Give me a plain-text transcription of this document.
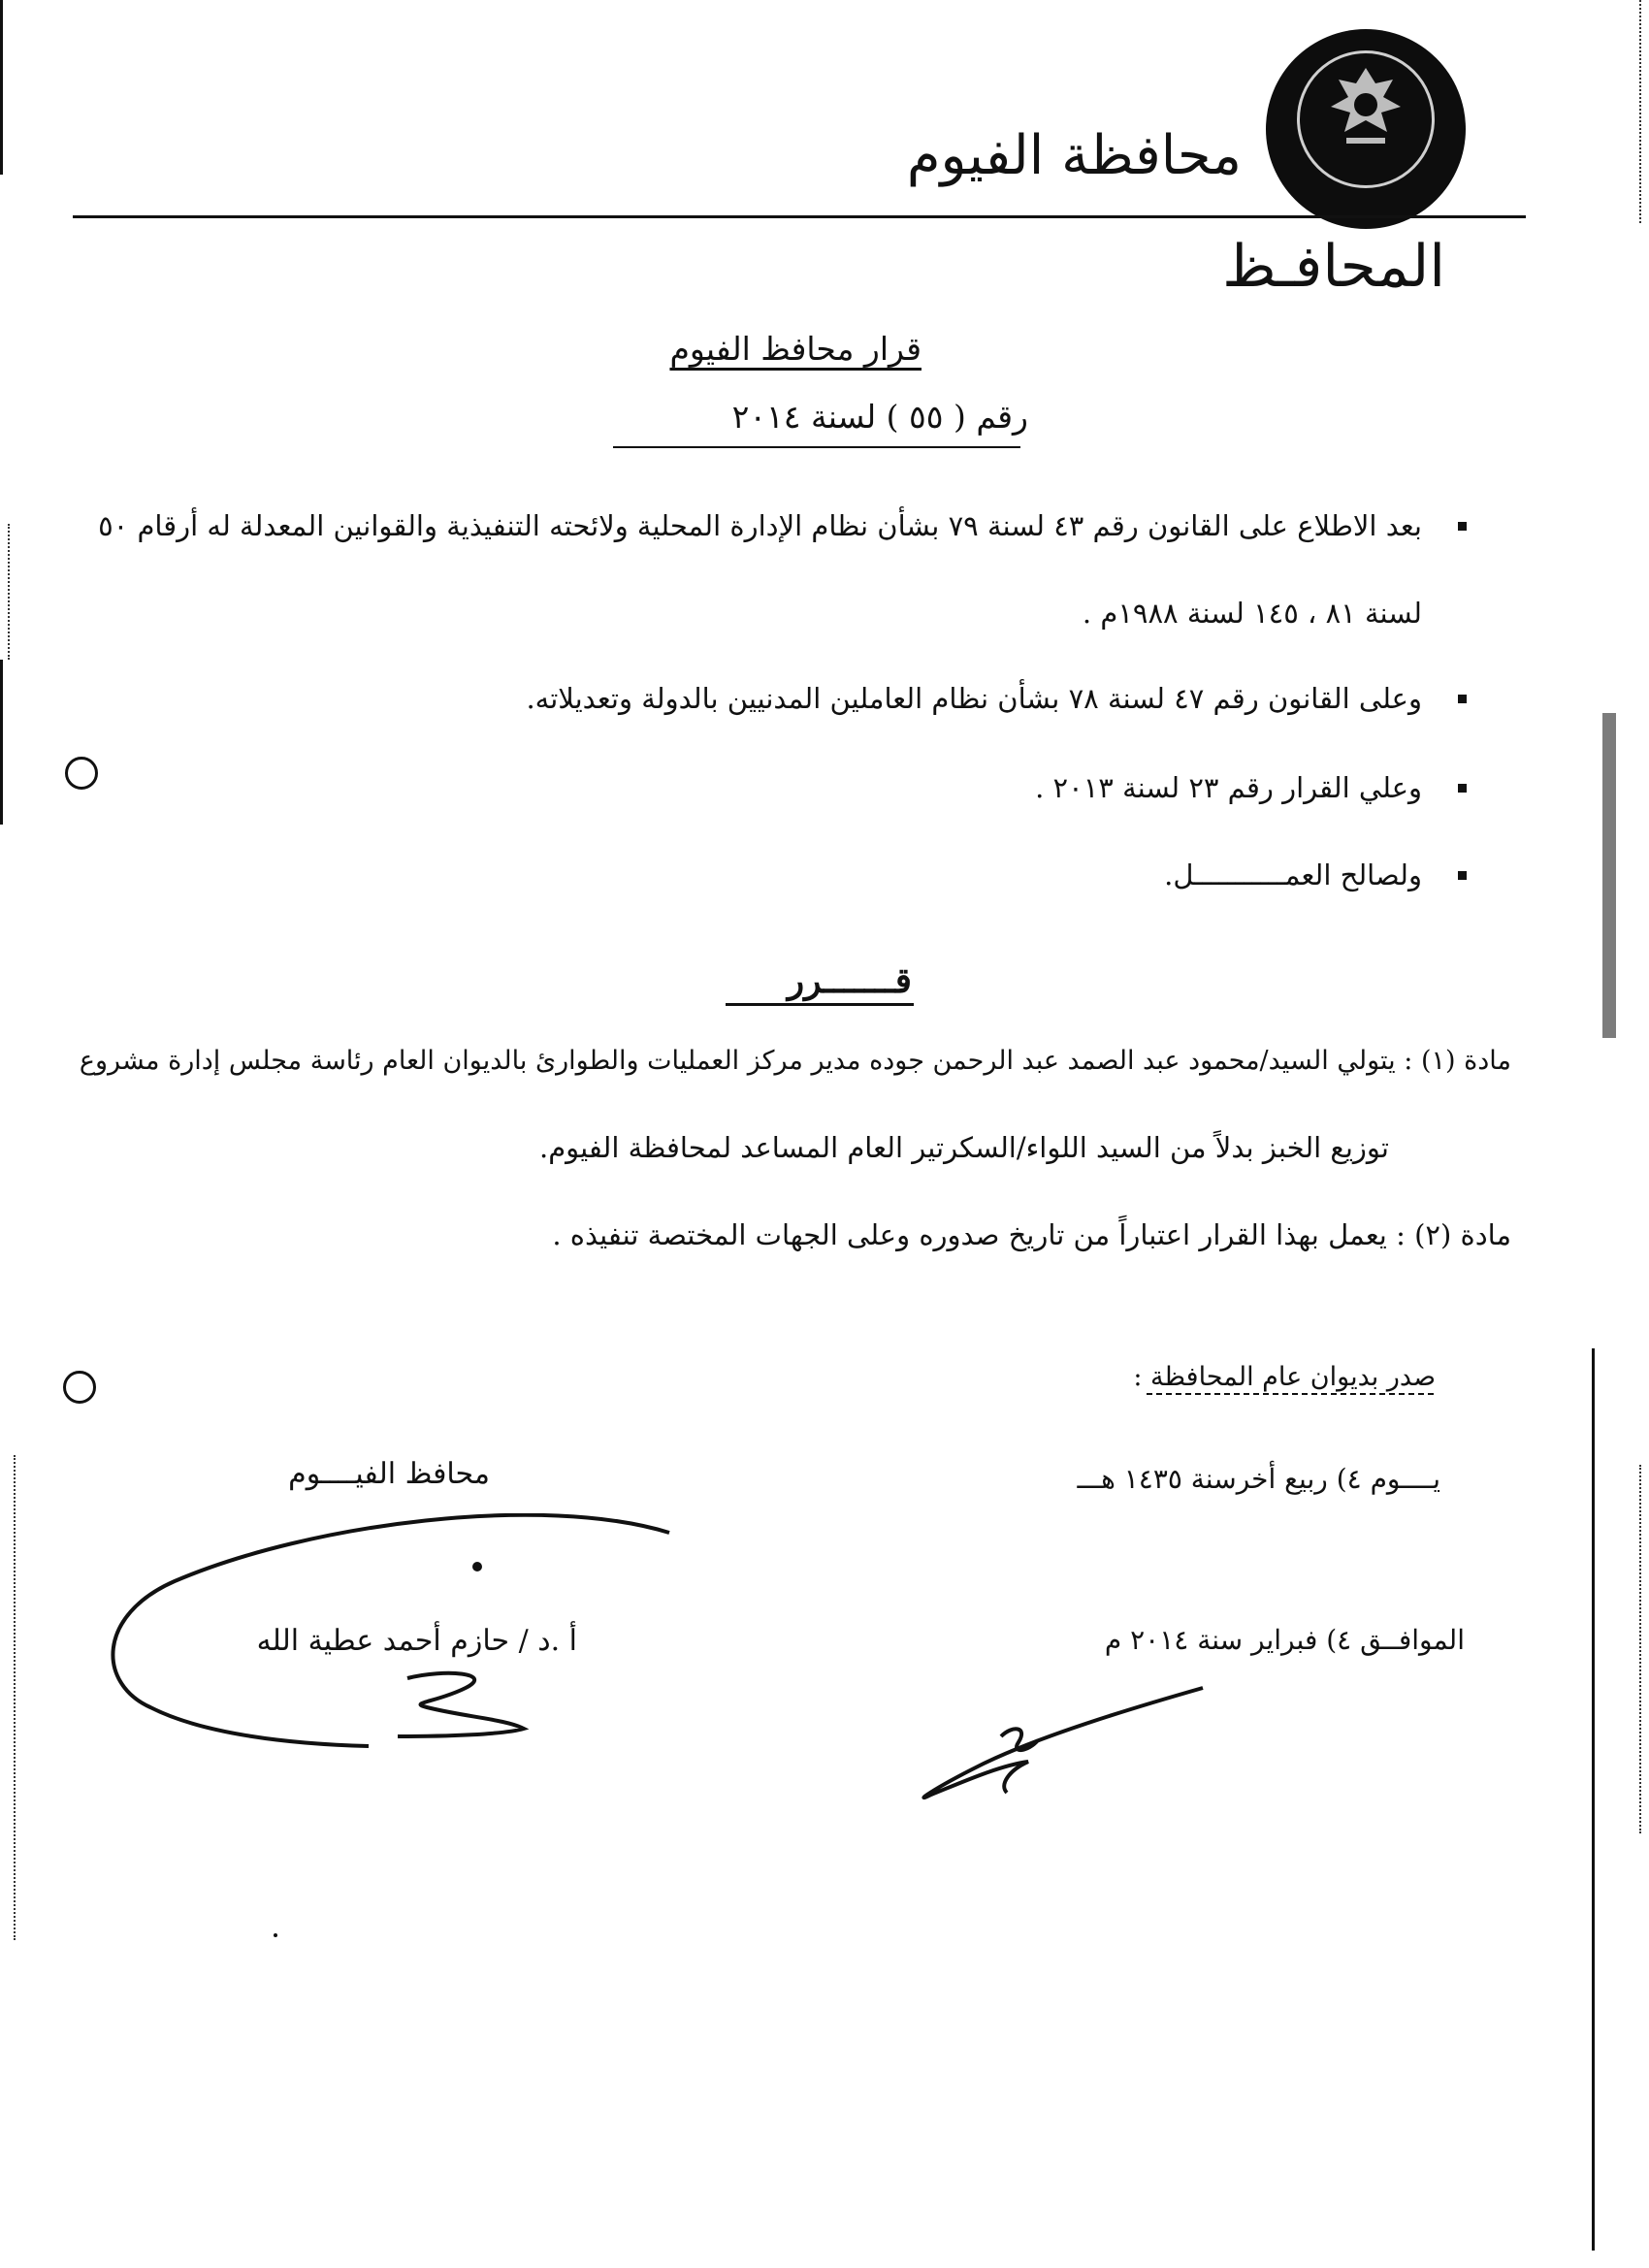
محافظة الفيوم
المحافـظ
قرار محافظ الفيوم
رقم ( ٥٥ ) لسنة ٢٠١٤
بعد الاطلاع على القانون رقم ٤٣ لسنة ٧٩ بشأن نظام الإدارة المحلية ولائحته التنفيذية والقوانين المعدلة له أرقام ٥٠
لسنة ٨١ ، ١٤٥ لسنة ١٩٨٨م .
وعلى القانون رقم ٤٧ لسنة ٧٨ بشأن نظام العاملين المدنيين بالدولة وتعديلاته.
وعلي القرار رقم ٢٣ لسنة ٢٠١٣ .
ولصالح العمـــــــــــل.
قـــــــرر
مادة (١) : يتولي السيد/محمود عبد الصمد عبد الرحمن جوده مدير مركز العمليات والطوارئ بالديوان العام رئاسة مجلس إدارة مشروع
توزيع الخبز بدلاً من السيد اللواء/السكرتير العام المساعد لمحافظة الفيوم.
مادة (٢) : يعمل بهذا القرار اعتباراً من تاريخ صدوره وعلى الجهات المختصة تنفيذه .
صدر بديوان عام المحافظة :
يــــوم ٤) ربيع أخرسنة ١٤٣٥ هـــ
الموافــق ٤) فبراير سنة ٢٠١٤ م
محافظ الفيــــوم
أ .د / حازم أحمد عطية الله
